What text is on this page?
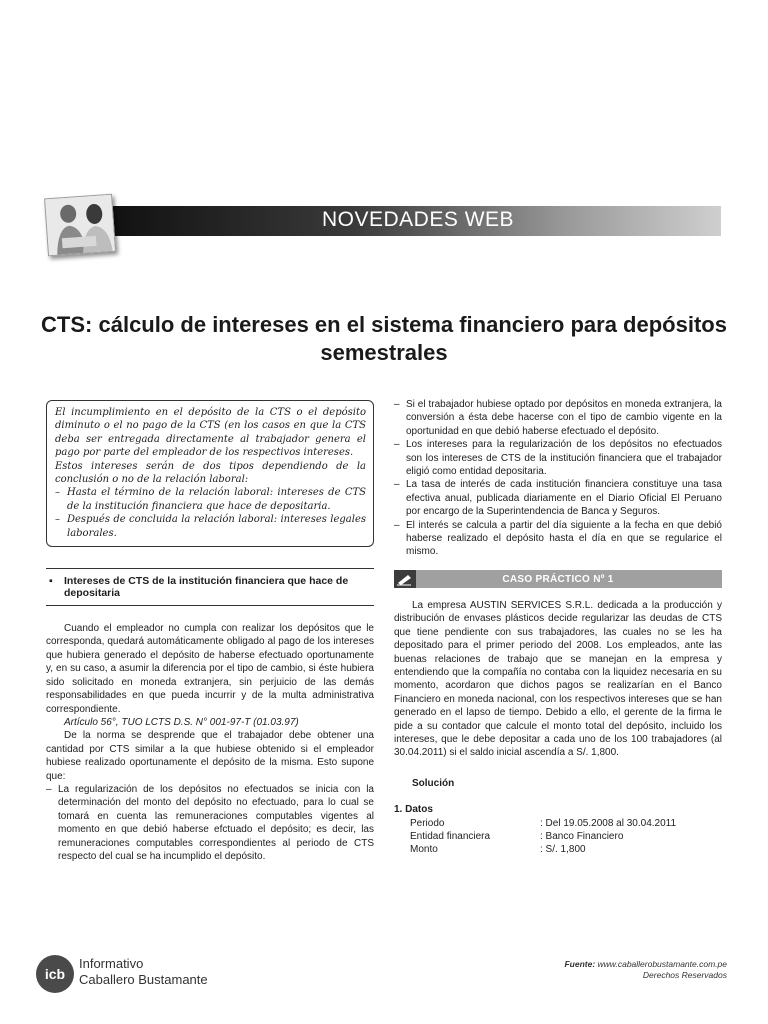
NOVEDADES WEB
CTS: cálculo de intereses en el sistema financiero para depósitos semestrales

El incumplimiento en el depósito de la CTS o el depósito diminuto o el no pago de la CTS (en los casos en que la CTS deba ser entregada directamente al trabajador genera el pago por parte del empleador de los respectivos intereses.

Estos intereses serán de dos tipos dependiendo de la conclusión o no de la relación laboral:

– Hasta el término de la relación laboral: intereses de CTS de la institución financiera que hace de depositaria.
– Después de concluida la relación laboral: intereses legales laborales.
▪	Intereses de CTS de la institución financiera que hace de depositaria

Cuando el empleador no cumpla con realizar los depósitos que le corresponda, quedará automáticamente obligado al pago de los intereses que hubiera generado el depósito de haberse efectuado oportunamente y, en su caso, a asumir la diferencia por el tipo de cambio, si éste hubiera sido solicitado en moneda extranjera, sin perjuicio de las demás responsabilidades en que pueda incurrir y de la multa administrativa correspondiente.

Artículo 56°, TUO LCTS D.S. N° 001-97-T (01.03.97)

De la norma se desprende que el trabajador debe obtener una cantidad por CTS similar a la que hubiese obtenido si el empleador hubiese realizado oportunamente el depósito de la misma. Esto supone que:

– La regularización de los depósitos no efectuados se inicia con la determinación del monto del depósito no efectuado, para lo cual se tomará en cuenta las remuneraciones computables vigentes al momento en que debió haberse efctuado el depósito; es decir, las remuneraciones computables correspondientes al periodo de CTS respecto del cual se ha incumplido el depósito.
– Si el trabajador hubiese optado por depósitos en moneda extranjera, la conversión a ésta debe hacerse con el tipo de cambio vigente en la oportunidad en que debió haberse efectuado el depósito.
– Los intereses para la regularización de los depósitos no efectuados son los intereses de CTS de la institución financiera que el trabajador eligió como entidad depositaria.
– La tasa de interés de cada institución financiera constituye una tasa efectiva anual, publicada diariamente en el Diario Oficial El Peruano por encargo de la Superintendencia de Banca y Seguros.
– El interés se calcula a partir del día siguiente a la fecha en que debió haberse realizado el depósito hasta el día en que se regularice el mismo.
CASO PRÁCTICO Nº 1

La empresa AUSTIN SERVICES S.R.L. dedicada a la producción y distribución de envases plásticos decide regularizar las deudas de CTS que tiene pendiente con sus trabajadores, las cuales no se les ha depositado para el primer periodo del 2008. Los empleados, ante las buenas relaciones de trabajo que se manejan en la empresa y entendiendo que la compañía no contaba con la liquidez necesaria en su momento, acordaron que dichos pagos se realizarían en el Banco Financiero en moneda nacional, con los respectivos intereses que se han generado en el lapso de tiempo. Debido a ello, el gerente de la firma le pide a su contador que calcule el monto total del depósito, incluido los intereses, que le debe depositar a cada uno de los 100 trabajadores (al 30.04.2011) si el saldo inicial ascendía a S/. 1,800.

Solución

1. Datos

Periodo	: Del 19.05.2008 al 30.04.2011
Entidad financiera	: Banco Financiero
Monto	: S/. 1,800
icb
Informativo
Caballero Bustamante
Fuente: www.caballerobustamante.com.pe
Derechos Reservados
